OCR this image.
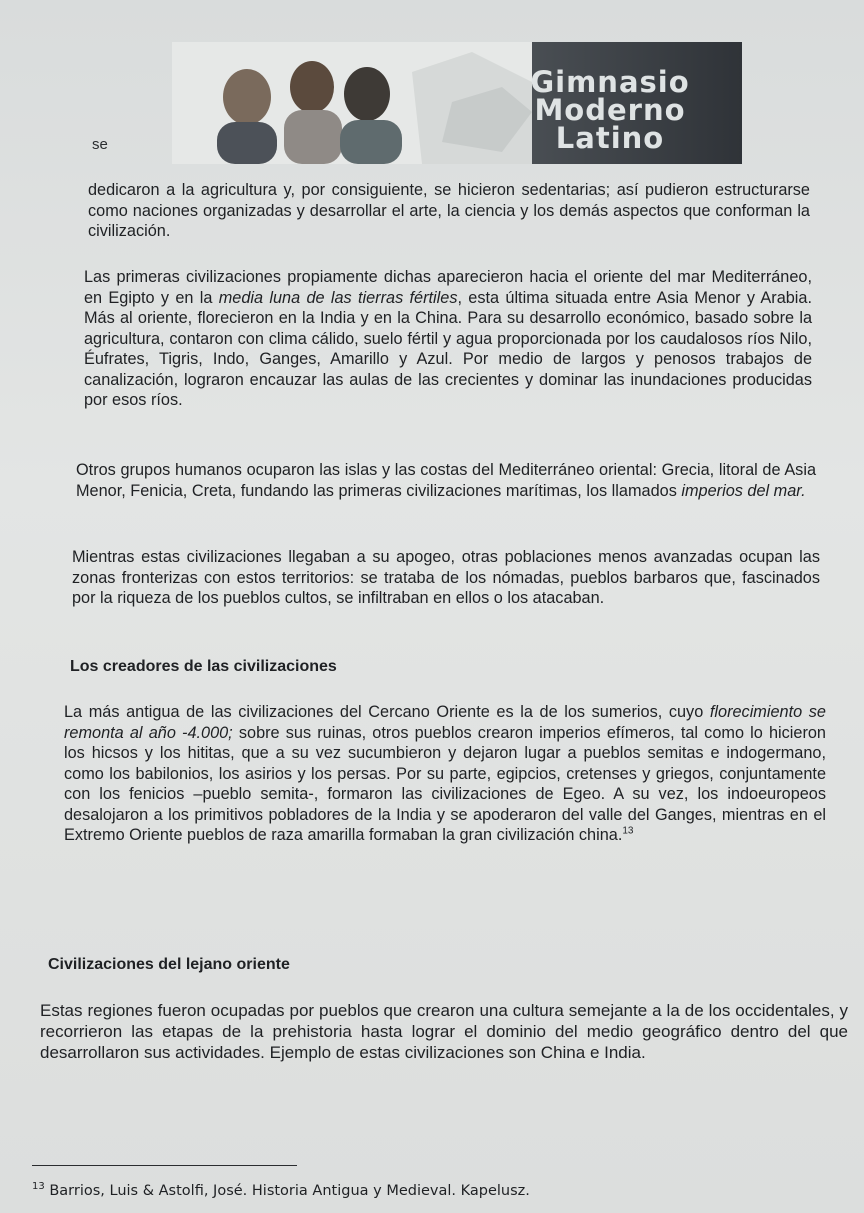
Gimnasio
Moderno
Latino
se

dedicaron a la agricultura y, por consiguiente, se hicieron sedentarias; así pudieron estructurarse como naciones organizadas y desarrollar el arte, la ciencia y los demás aspectos que conforman la civilización.

Las primeras civilizaciones propiamente dichas aparecieron hacia el oriente del mar Mediterráneo, en Egipto y en la media luna de las tierras fértiles, esta última situada entre Asia Menor y Arabia. Más al oriente, florecieron en la India y en la China. Para su desarrollo económico, basado sobre la agricultura, contaron con clima cálido, suelo fértil y agua proporcionada por los caudalosos ríos Nilo, Éufrates, Tigris, Indo, Ganges, Amarillo y Azul. Por medio de largos y penosos trabajos de canalización, lograron encauzar las aulas de las crecientes y dominar las inundaciones producidas por esos ríos.

Otros grupos humanos ocuparon las islas y las costas del Mediterráneo oriental: Grecia, litoral de Asia Menor, Fenicia, Creta, fundando las primeras civilizaciones marítimas, los llamados imperios del mar.

Mientras estas civilizaciones llegaban a su apogeo, otras poblaciones menos avanzadas ocupan las zonas fronterizas con estos territorios: se trataba de los nómadas, pueblos barbaros que, fascinados por la riqueza de los pueblos cultos, se infiltraban en ellos o los atacaban.

Los creadores de las civilizaciones

La más antigua de las civilizaciones del Cercano Oriente es la de los sumerios, cuyo florecimiento se remonta al año -4.000; sobre sus ruinas, otros pueblos crearon imperios efímeros, tal como lo hicieron los hicsos y los hititas, que a su vez sucumbieron y dejaron lugar a pueblos semitas e indogermano, como los babilonios, los asirios y los persas. Por su parte, egipcios, cretenses y griegos, conjuntamente con los fenicios –pueblo semita-, formaron las civilizaciones de Egeo. A su vez, los indoeuropeos desalojaron a los primitivos pobladores de la India y se apoderaron del valle del Ganges, mientras en el Extremo Oriente pueblos de raza amarilla formaban la gran civilización china.$^{13}$

Civilizaciones del lejano oriente

Estas regiones fueron ocupadas por pueblos que crearon una cultura semejante a la de los occidentales, y recorrieron las etapas de la prehistoria hasta lograr el dominio del medio geográfico dentro del que desarrollaron sus actividades. Ejemplo de estas civilizaciones son China e India.

$^{13}$ Barrios, Luis & Astolfi, José. Historia Antigua y Medieval. Kapelusz.
